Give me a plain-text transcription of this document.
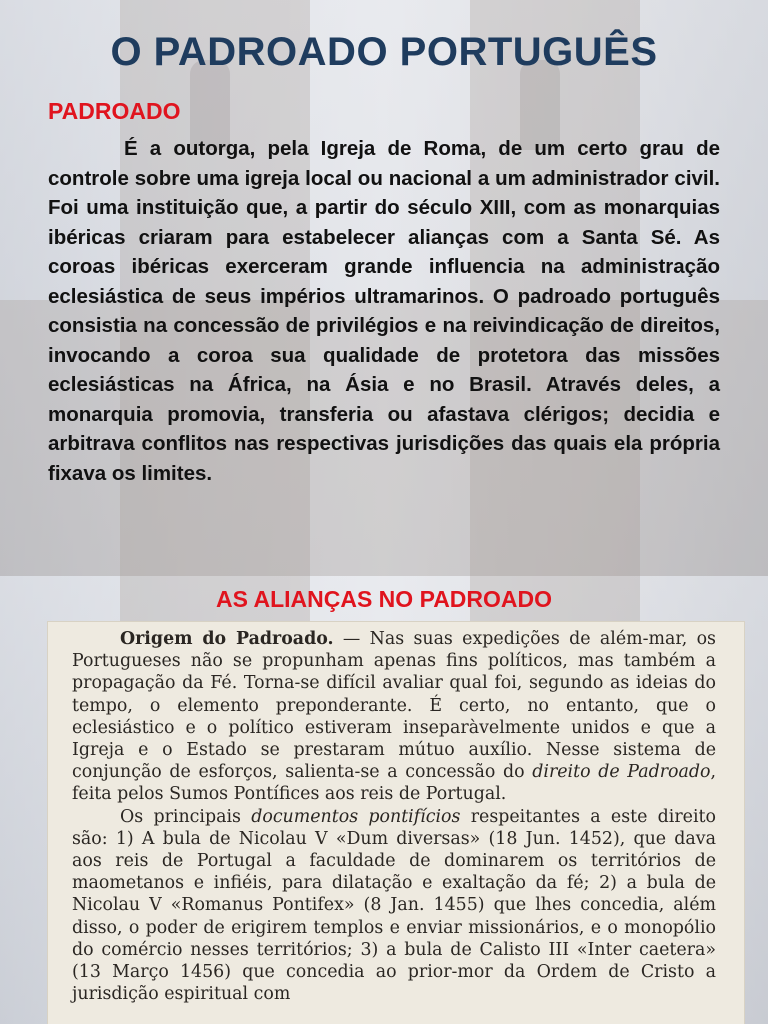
O PADROADO PORTUGUÊS
PADROADO
É a outorga, pela Igreja de Roma, de um certo grau de controle sobre uma igreja local ou nacional a um administrador civil. Foi uma instituição que, a partir do século XIII, com as monarquias ibéricas criaram para estabelecer alianças com a Santa Sé. As coroas ibéricas exerceram grande influencia na administração eclesiástica de seus impérios ultramarinos. O padroado português consistia na concessão de privilégios e na reivindicação de direitos, invocando a coroa sua qualidade de protetora das missões eclesiásticas na África, na Ásia e no Brasil. Através deles, a monarquia promovia, transferia ou afastava clérigos; decidia e arbitrava conflitos nas respectivas jurisdições das quais ela própria fixava os limites.
AS ALIANÇAS NO PADROADO
Origem do Padroado. — Nas suas expedições de além-mar, os Portugueses não se propunham apenas fins políticos, mas também a propagação da Fé. Torna-se difícil avaliar qual foi, segundo as ideias do tempo, o elemento preponderante. É certo, no entanto, que o eclesiástico e o político estiveram inseparàvelmente unidos e que a Igreja e o Estado se prestaram mútuo auxílio. Nesse sistema de conjunção de esforços, salienta-se a concessão do direito de Padroado, feita pelos Sumos Pontífices aos reis de Portugal.
Os principais documentos pontifícios respeitantes a este direito são: 1) A bula de Nicolau V «Dum diversas» (18 Jun. 1452), que dava aos reis de Portugal a faculdade de dominarem os territórios de maometanos e infiéis, para dilatação e exaltação da fé; 2) a bula de Nicolau V «Romanus Pontifex» (8 Jan. 1455) que lhes concedia, além disso, o poder de erigirem templos e enviar missionários, e o monopólio do comércio nesses territórios; 3) a bula de Calisto III «Inter caetera» (13 Março 1456) que concedia ao prior-mor da Ordem de Cristo a jurisdição espiritual com
